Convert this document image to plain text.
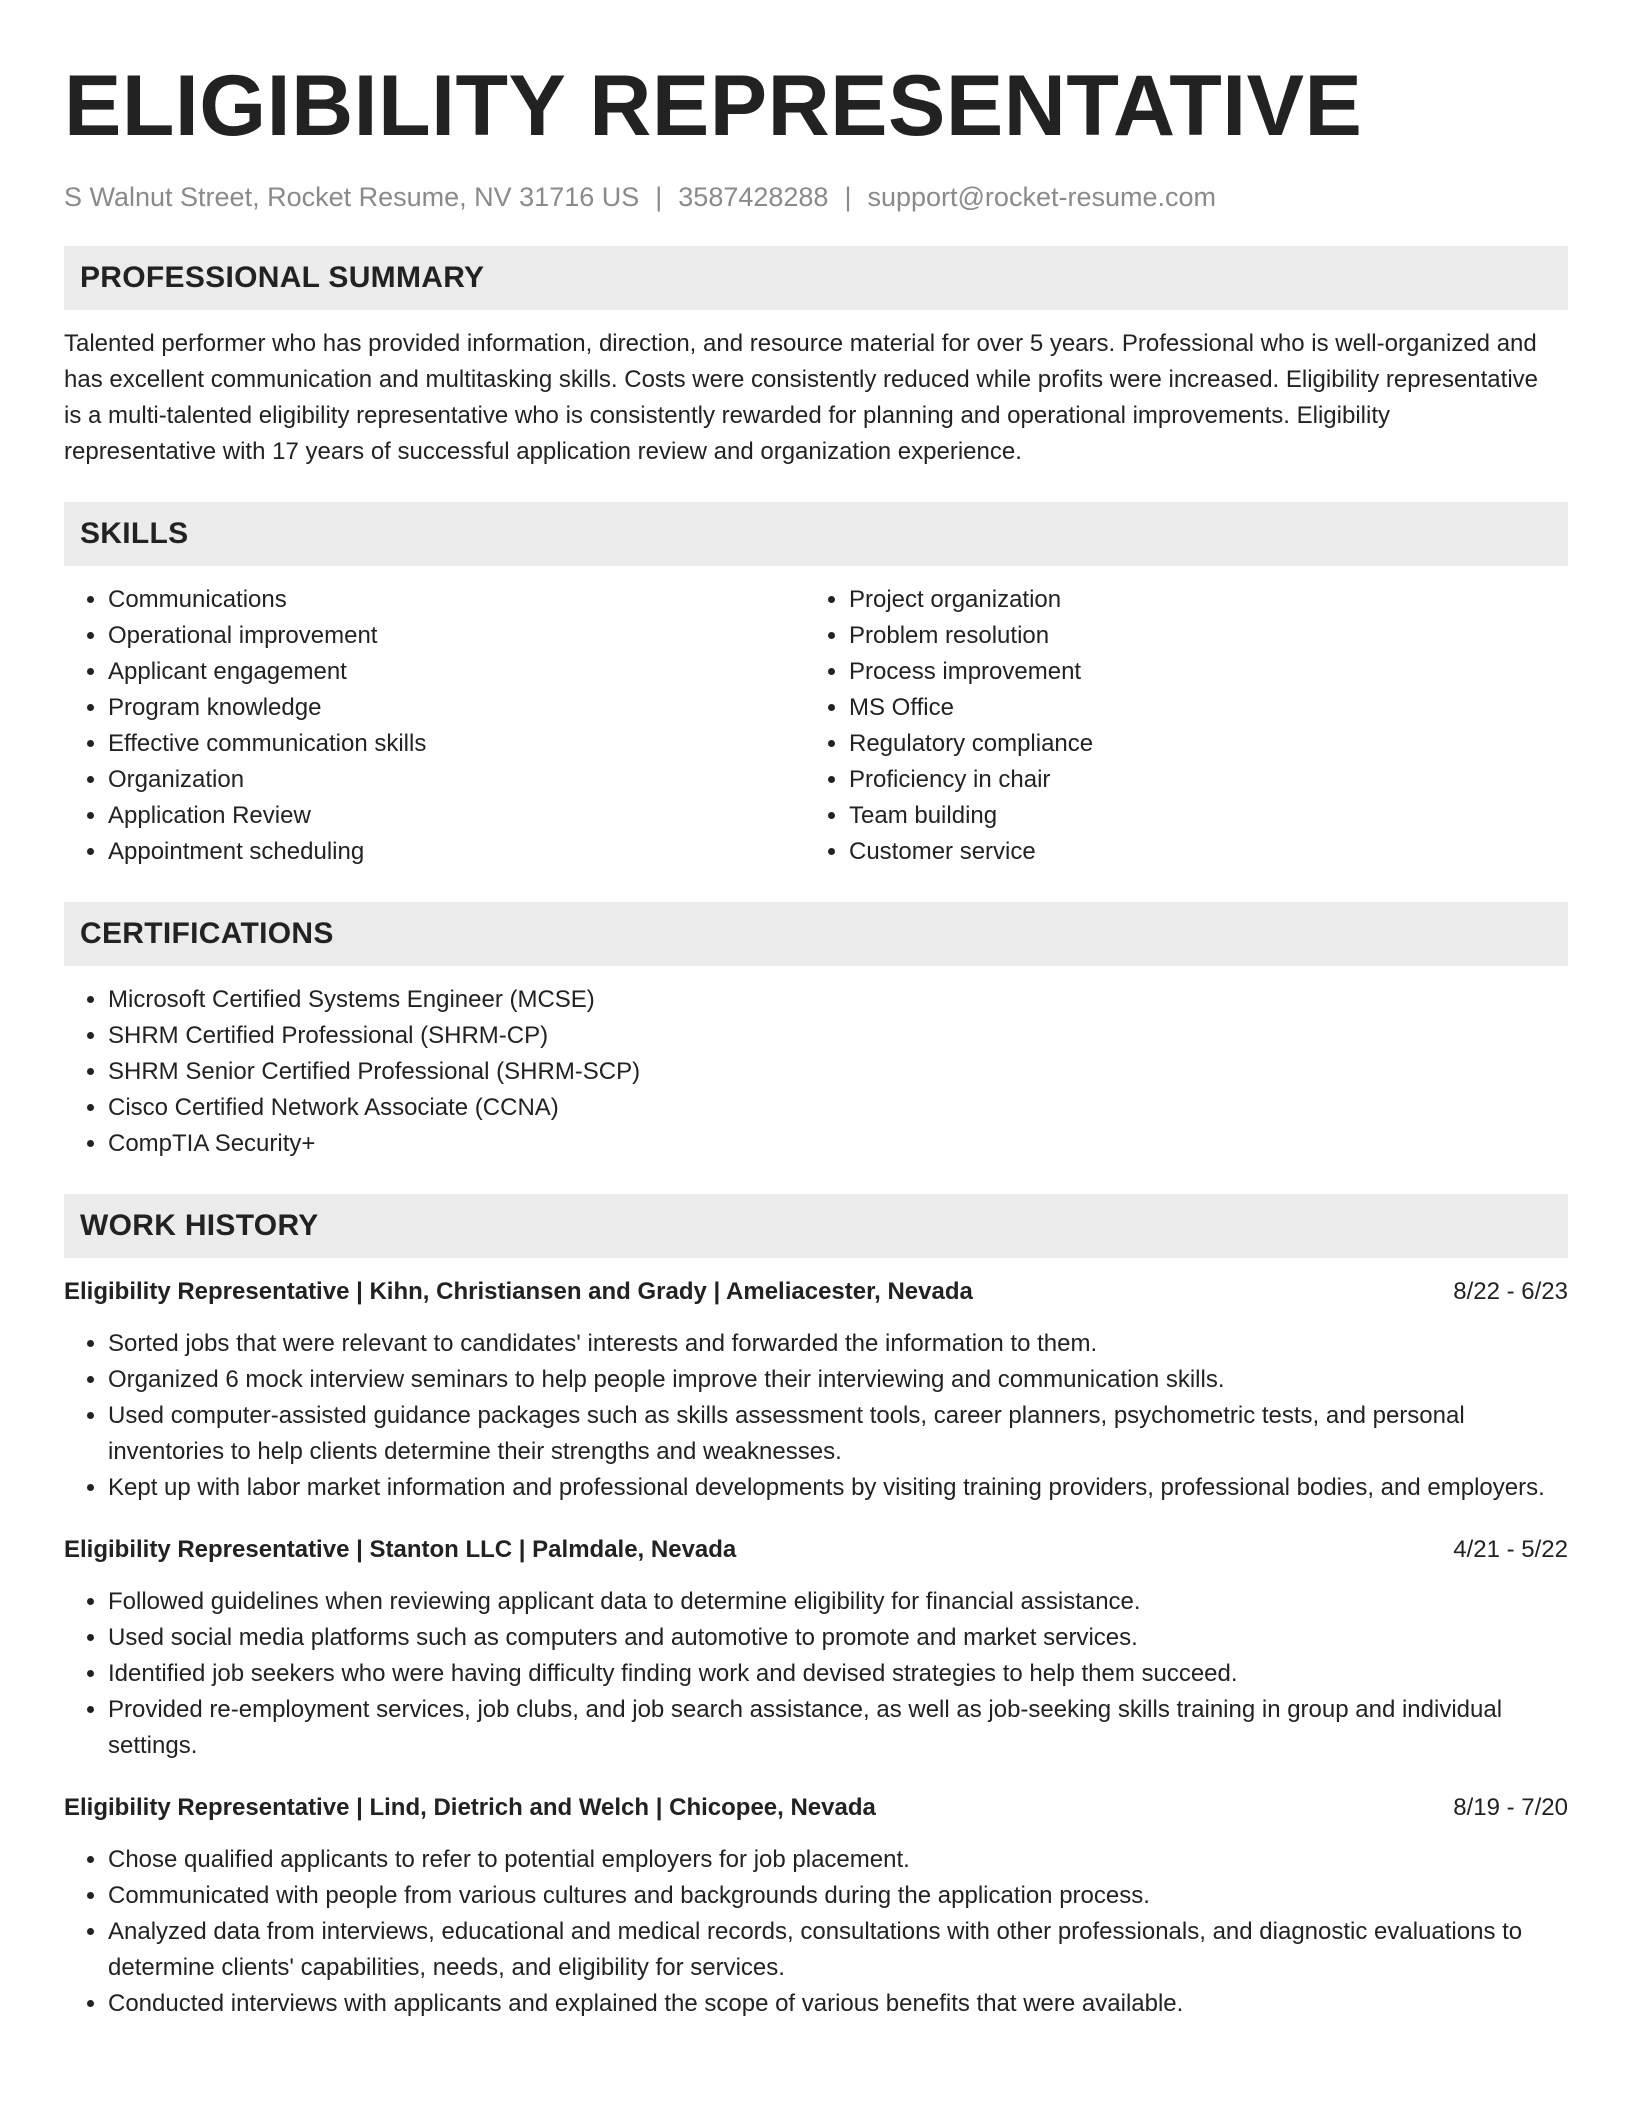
ELIGIBILITY REPRESENTATIVE
S Walnut Street, Rocket Resume, NV 31716 US | 3587428288 | support@rocket-resume.com
PROFESSIONAL SUMMARY

Talented performer who has provided information, direction, and resource material for over 5 years. Professional who is well-organized and has excellent communication and multitasking skills. Costs were consistently reduced while profits were increased. Eligibility representative is a multi-talented eligibility representative who is consistently rewarded for planning and operational improvements. Eligibility representative with 17 years of successful application review and organization experience.

SKILLS
• Communications
• Operational improvement
• Applicant engagement
• Program knowledge
• Effective communication skills
• Organization
• Application Review
• Appointment scheduling
• Project organization
• Problem resolution
• Process improvement
• MS Office
• Regulatory compliance
• Proficiency in chair
• Team building
• Customer service
CERTIFICATIONS
• Microsoft Certified Systems Engineer (MCSE)
• SHRM Certified Professional (SHRM-CP)
• SHRM Senior Certified Professional (SHRM-SCP)
• Cisco Certified Network Associate (CCNA)
• CompTIA Security+
WORK HISTORY
Eligibility Representative | Kihn, Christiansen and Grady | Ameliacester, Nevada	8/22 - 6/23
• Sorted jobs that were relevant to candidates' interests and forwarded the information to them.
• Organized 6 mock interview seminars to help people improve their interviewing and communication skills.
• Used computer-assisted guidance packages such as skills assessment tools, career planners, psychometric tests, and personal inventories to help clients determine their strengths and weaknesses.
• Kept up with labor market information and professional developments by visiting training providers, professional bodies, and employers.
Eligibility Representative | Stanton LLC | Palmdale, Nevada	4/21 - 5/22
• Followed guidelines when reviewing applicant data to determine eligibility for financial assistance.
• Used social media platforms such as computers and automotive to promote and market services.
• Identified job seekers who were having difficulty finding work and devised strategies to help them succeed.
• Provided re-employment services, job clubs, and job search assistance, as well as job-seeking skills training in group and individual settings.
Eligibility Representative | Lind, Dietrich and Welch | Chicopee, Nevada	8/19 - 7/20
• Chose qualified applicants to refer to potential employers for job placement.
• Communicated with people from various cultures and backgrounds during the application process.
• Analyzed data from interviews, educational and medical records, consultations with other professionals, and diagnostic evaluations to determine clients' capabilities, needs, and eligibility for services.
• Conducted interviews with applicants and explained the scope of various benefits that were available.
